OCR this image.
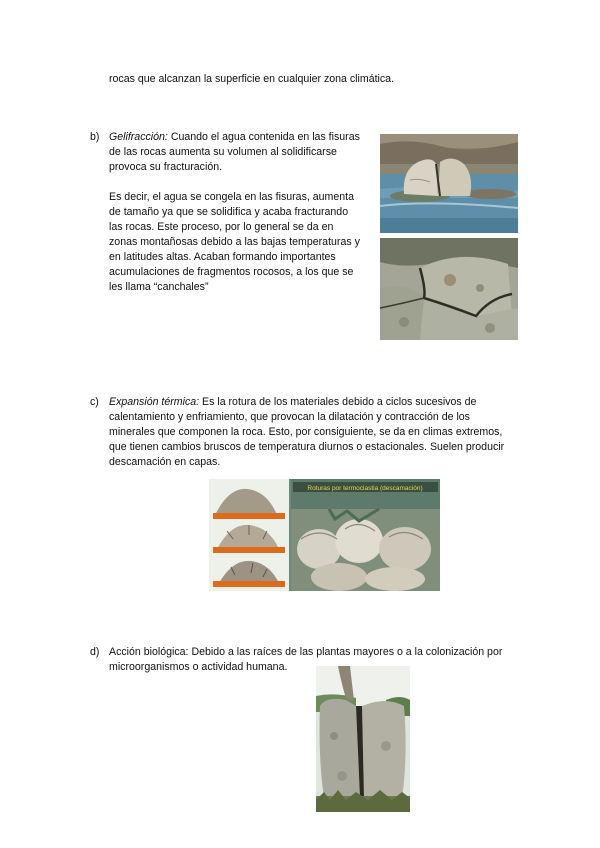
rocas que alcanzan la superficie en cualquier zona climática.
b) Gelifracción: Cuando el agua contenida en las fisuras
de las rocas aumenta su volumen al solidificarse
provoca su fracturación.
Es decir, el agua se congela en las fisuras, aumenta
de tamaño ya que se solidifica y acaba fracturando
las rocas. Este proceso, por lo general se da en
zonas montañosas debido a las bajas temperaturas y
en latitudes altas. Acaban formando importantes
acumulaciones de fragmentos rocosos, a los que se
les llama “canchales”
c) Expansión térmica: Es la rotura de los materiales debido a ciclos sucesivos de
calentamiento y enfriamiento, que provocan la dilatación y contracción de los
minerales que componen la roca. Esto, por consiguiente, se da en climas extremos,
que tienen cambios bruscos de temperatura diurnos o estacionales. Suelen producir
descamación en capas.
Roturas por termoclastia (descamación)
d) Acción biológica: Debido a las raíces de las plantas mayores o a la colonización por
microorganismos o actividad humana.
